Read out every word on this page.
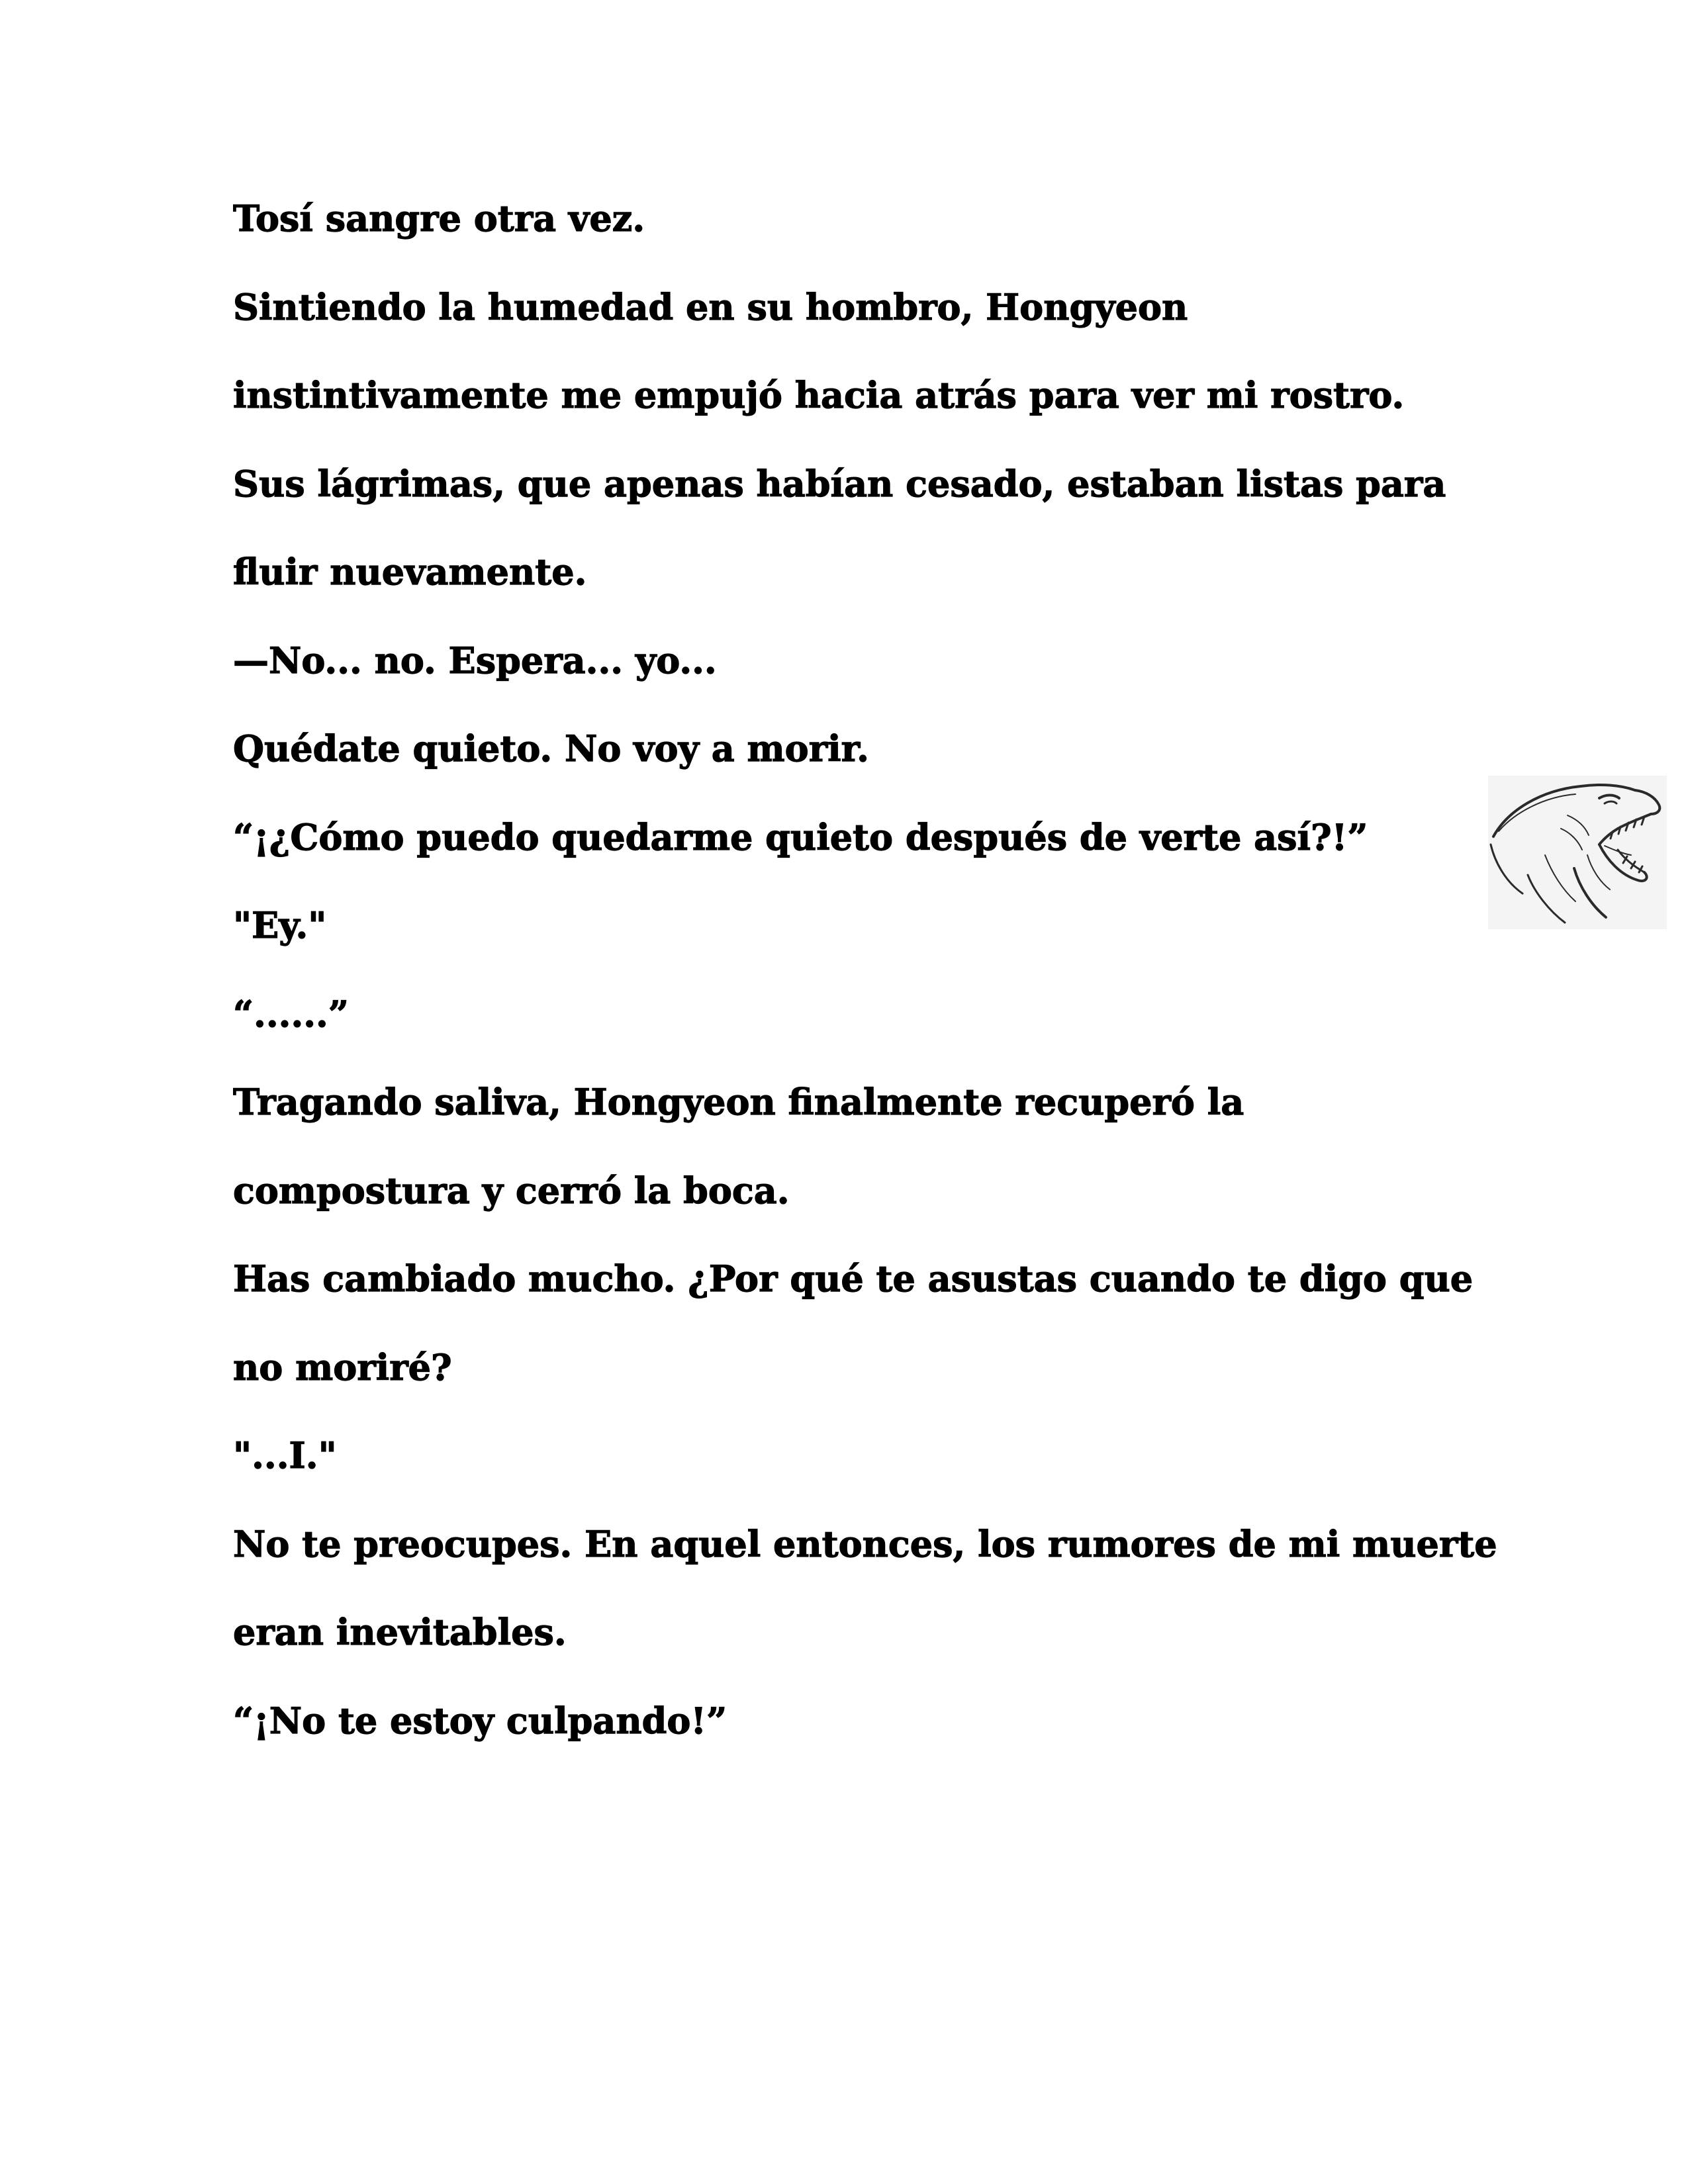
Tosí sangre otra vez.

Sintiendo la humedad en su hombro, Hongyeon

instintivamente me empujó hacia atrás para ver mi rostro.

Sus lágrimas, que apenas habían cesado, estaban listas para

fluir nuevamente.

—No... no. Espera... yo...

Quédate quieto. No voy a morir.

“¡¿Cómo puedo quedarme quieto después de verte así?!”

"Ey."

“......”

Tragando saliva, Hongyeon finalmente recuperó la

compostura y cerró la boca.

Has cambiado mucho. ¿Por qué te asustas cuando te digo que

no moriré?

"...I."

No te preocupes. En aquel entonces, los rumores de mi muerte

eran inevitables.

“¡No te estoy culpando!”
